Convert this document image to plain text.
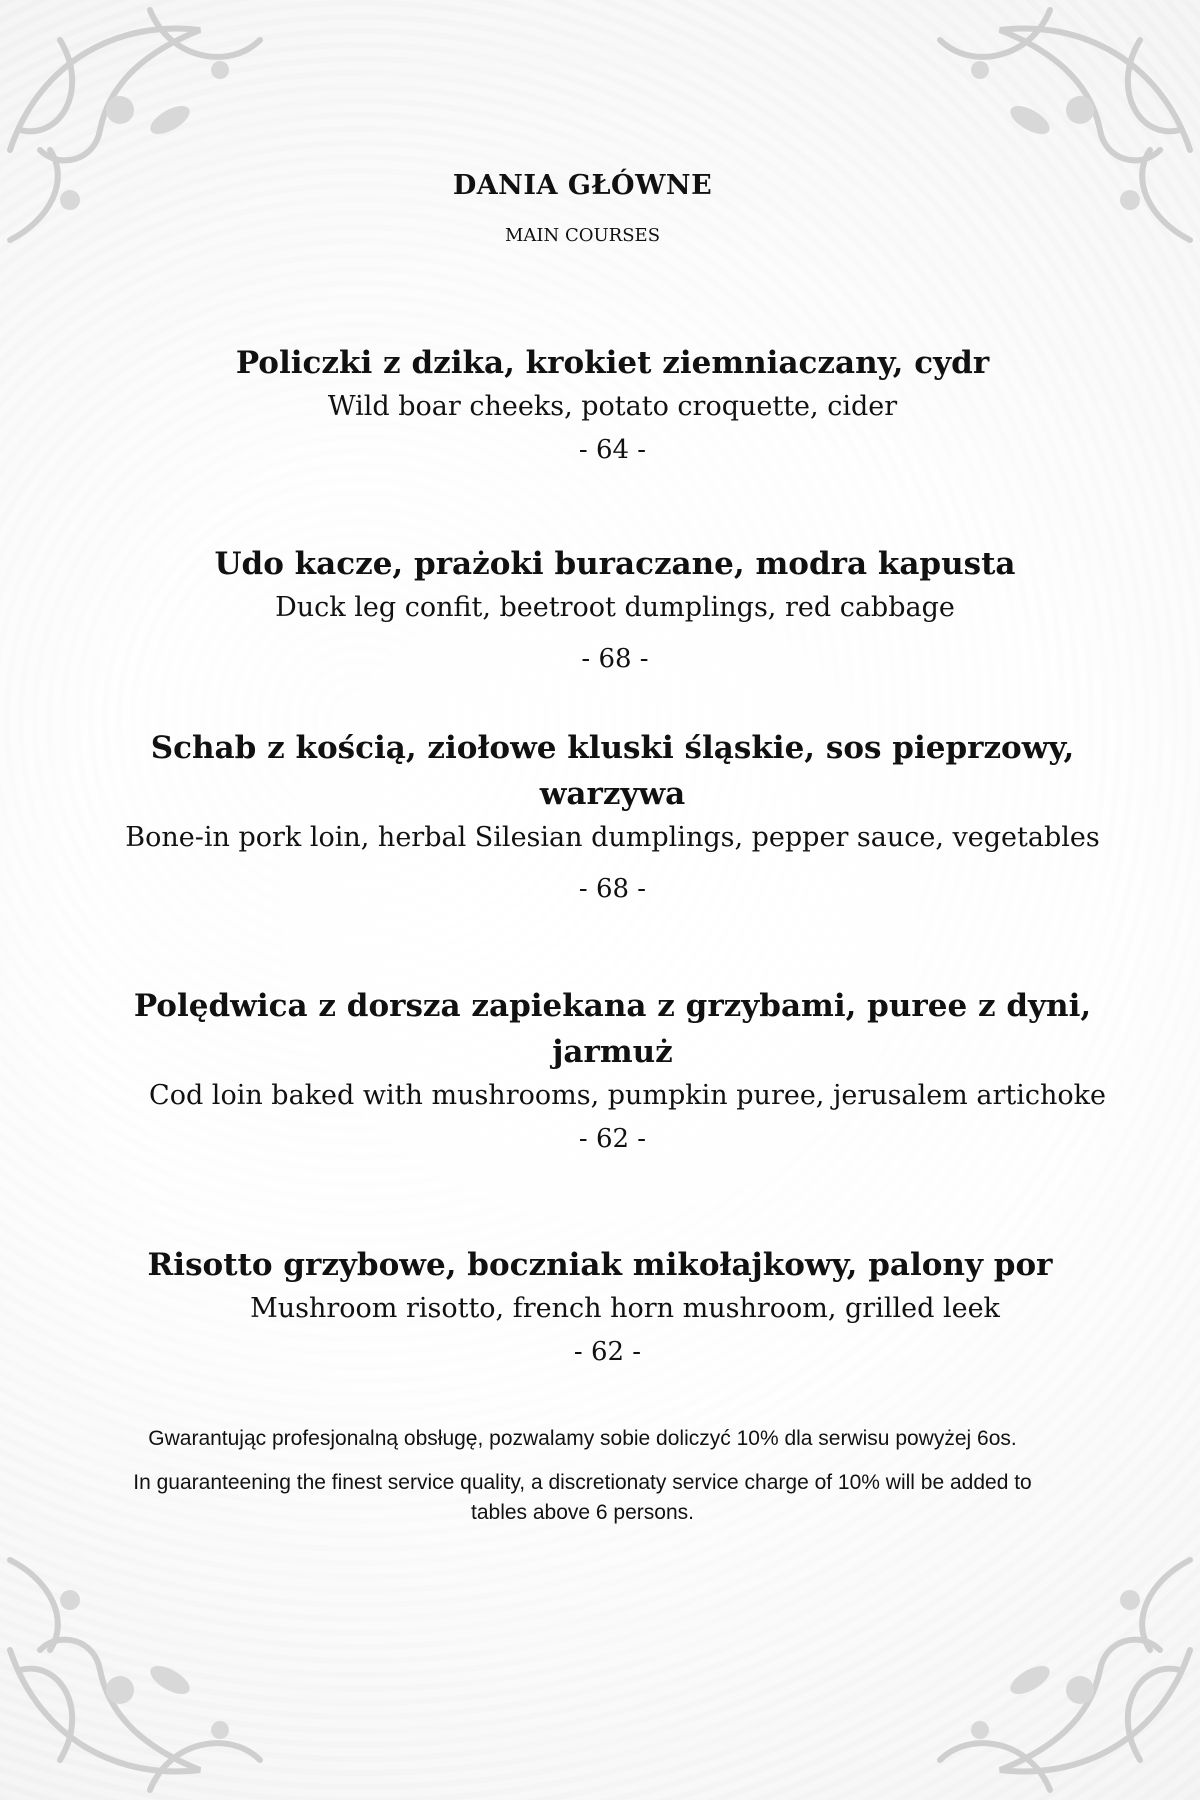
DANIA GŁÓWNE
MAIN COURSES
Policzki z dzika, krokiet ziemniaczany, cydr
Wild boar cheeks, potato croquette, cider
- 64 -
Udo kacze, prażoki buraczane, modra kapusta
Duck leg confit, beetroot dumplings, red cabbage
- 68 -
Schab z kością, ziołowe kluski śląskie, sos pieprzowy,
warzywa
Bone-in pork loin, herbal Silesian dumplings, pepper sauce, vegetables
- 68 -
Polędwica z dorsza zapiekana z grzybami, puree z dyni,
jarmuż
Cod loin baked with mushrooms, pumpkin puree, jerusalem artichoke
- 62 -
Risotto grzybowe, boczniak mikołajkowy, palony por
Mushroom risotto, french horn mushroom, grilled leek
- 62 -
Gwarantując profesjonalną obsługę, pozwalamy sobie doliczyć 10% dla serwisu powyżej 6os.
In guaranteening the finest service quality, a discretionaty service charge of 10% will be added to
tables above 6 persons.
